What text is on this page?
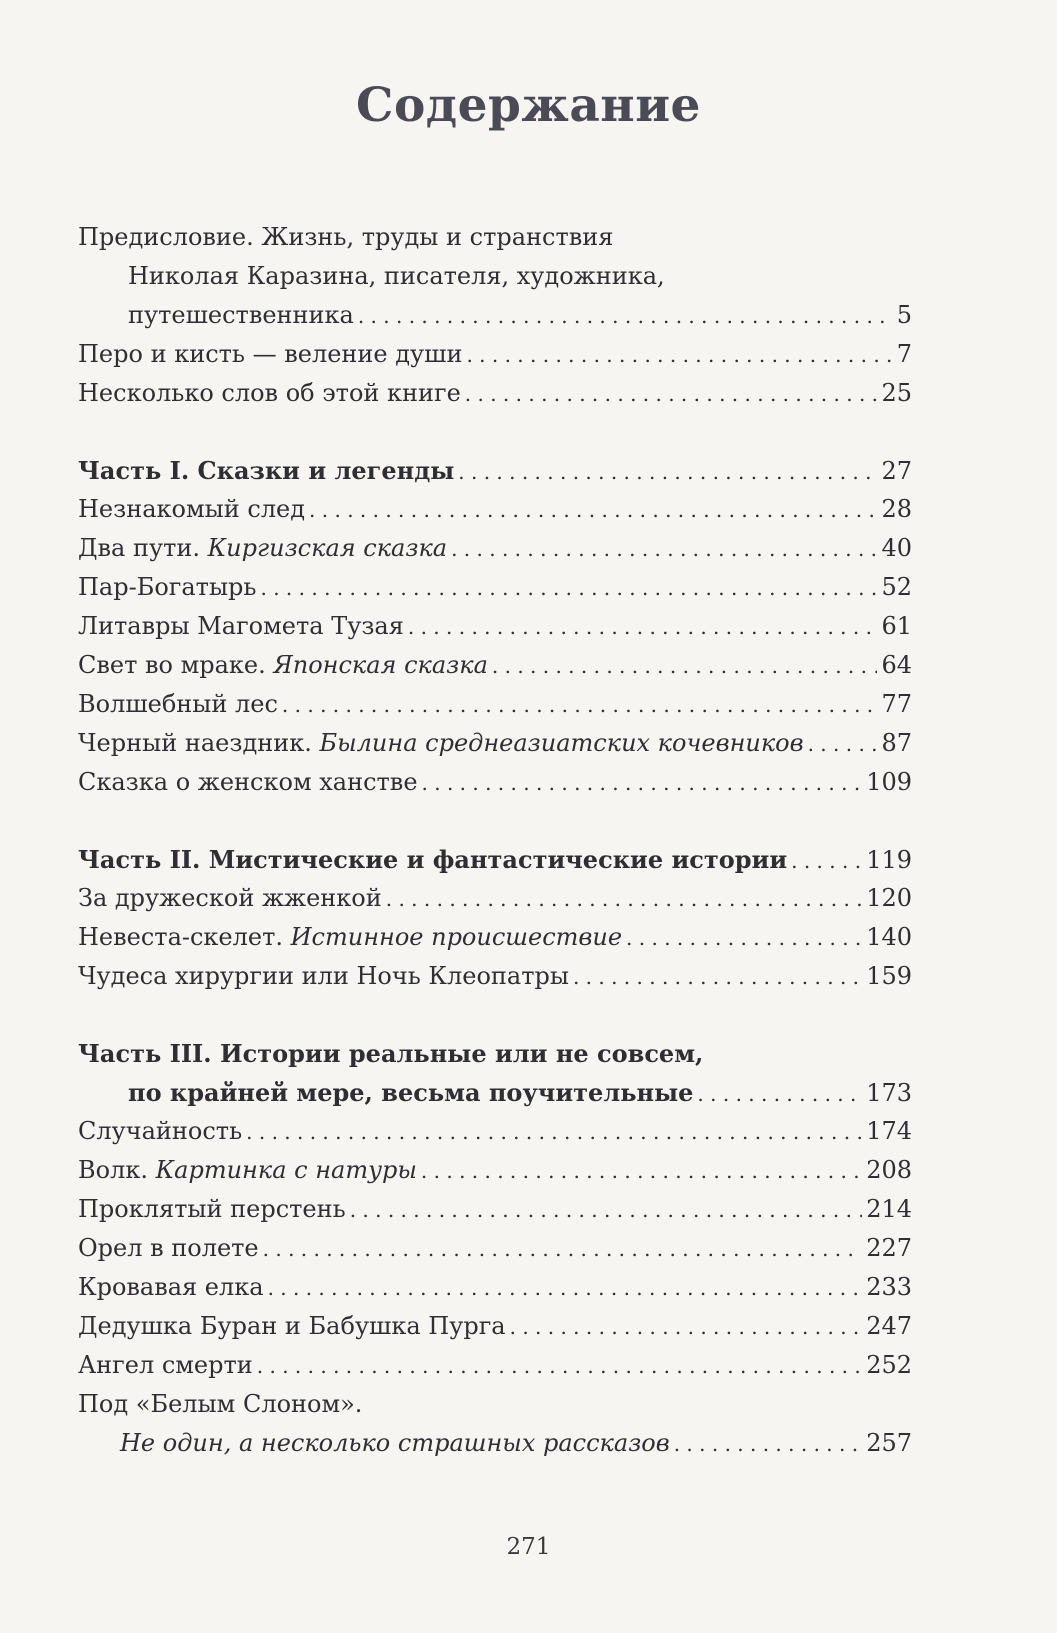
Содержание
Предисловие. Жизнь, труды и странствия
Николая Каразина, писателя, художника,
путешественника . . .	5
Перо и кисть — веление души . . .	7
Несколько слов об этой книге . . .	25
Часть I. Сказки и легенды . . .	27
Незнакомый след . . .	28
Два пути. Киргизская сказка . . .	40
Пар-Богатырь . . .	52
Литавры Магомета Тузая . . .	61
Свет во мраке. Японская сказка . . .	64
Волшебный лес . . .	77
Черный наездник. Былина среднеазиатских кочевников . . .	87
Сказка о женском ханстве . . .	109
Часть II. Мистические и фантастические истории . . .	119
За дружеской жженкой . . .	120
Невеста-скелет. Истинное происшествие . . .	140
Чудеса хирургии или Ночь Клеопатры . . .	159
Часть III. Истории реальные или не совсем,
по крайней мере, весьма поучительные . . .	173
Случайность . . .	174
Волк. Картинка с натуры . . .	208
Проклятый перстень . . .	214
Орел в полете . . .	227
Кровавая елка . . .	233
Дедушка Буран и Бабушка Пурга . . .	247
Ангел смерти . . .	252
Под «Белым Слоном».
Не один, а несколько страшных рассказов . . .	257
271
